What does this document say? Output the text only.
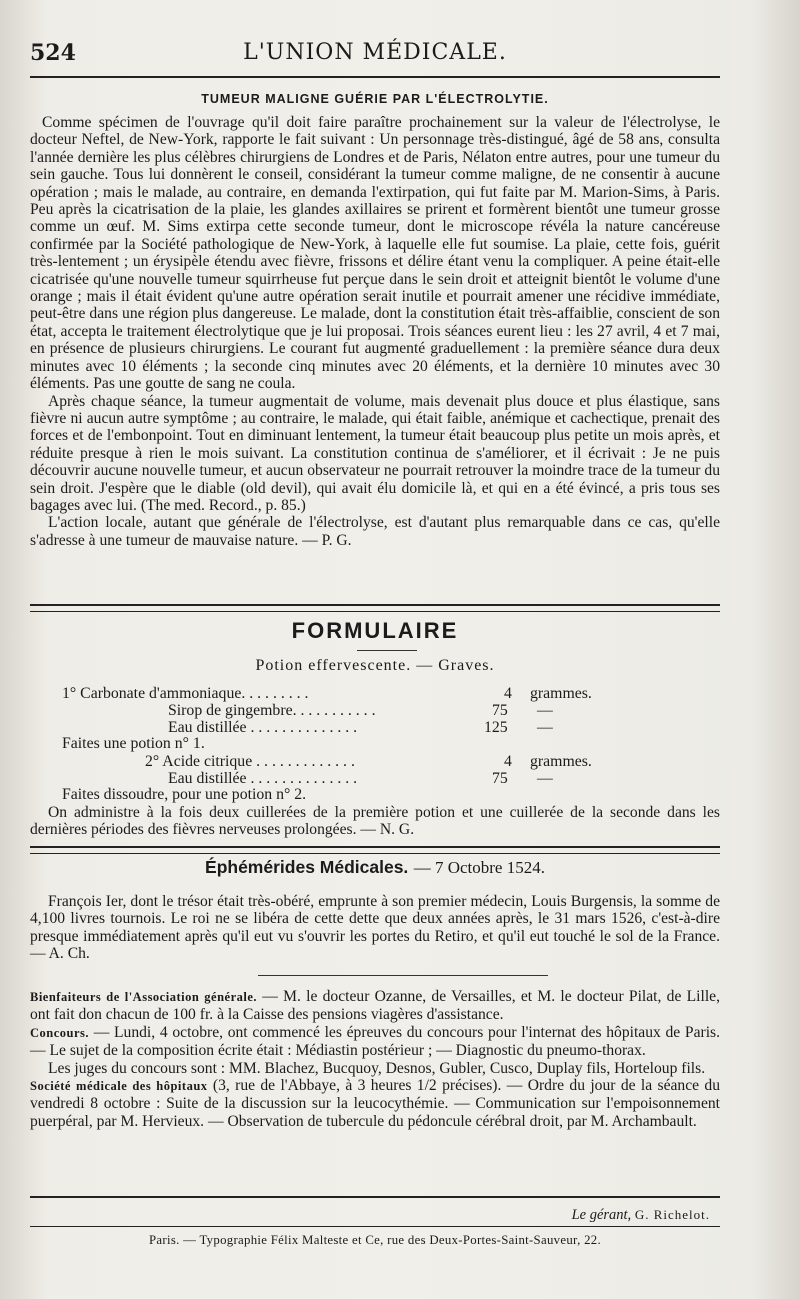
524	L'UNION MÉDICALE.
TUMEUR MALIGNE GUÉRIE PAR L'ÉLECTROLYTIE.

Comme spécimen de l'ouvrage qu'il doit faire paraître prochainement sur la valeur de l'électrolyse, le docteur Neftel, de New-York, rapporte le fait suivant : Un personnage très-distingué, âgé de 58 ans, consulta l'année dernière les plus célèbres chirurgiens de Londres et de Paris, Nélaton entre autres, pour une tumeur du sein gauche. Tous lui donnèrent le conseil, considérant la tumeur comme maligne, de ne consentir à aucune opération ; mais le malade, au contraire, en demanda l'extirpation, qui fut faite par M. Marion-Sims, à Paris. Peu après la cicatrisation de la plaie, les glandes axillaires se prirent et formèrent bientôt une tumeur grosse comme un œuf. M. Sims extirpa cette seconde tumeur, dont le microscope révéla la nature cancéreuse confirmée par la Société pathologique de New-York, à laquelle elle fut soumise. La plaie, cette fois, guérit très-lentement ; un érysipèle étendu avec fièvre, frissons et délire étant venu la compliquer. A peine était-elle cicatrisée qu'une nouvelle tumeur squirrheuse fut perçue dans le sein droit et atteignit bientôt le volume d'une orange ; mais il était évident qu'une autre opération serait inutile et pourrait amener une récidive immédiate, peut-être dans une région plus dangereuse. Le malade, dont la constitution était très-affaiblie, conscient de son état, accepta le traitement électrolytique que je lui proposai. Trois séances eurent lieu : les 27 avril, 4 et 7 mai, en présence de plusieurs chirurgiens. Le courant fut augmenté graduellement : la première séance dura deux minutes avec 10 éléments ; la seconde cinq minutes avec 20 éléments, et la dernière 10 minutes avec 30 éléments. Pas une goutte de sang ne coula.

Après chaque séance, la tumeur augmentait de volume, mais devenait plus douce et plus élastique, sans fièvre ni aucun autre symptôme ; au contraire, le malade, qui était faible, anémique et cachectique, prenait des forces et de l'embonpoint. Tout en diminuant lentement, la tumeur était beaucoup plus petite un mois après, et réduite presque à rien le mois suivant. La constitution continua de s'améliorer, et il écrivait : Je ne puis découvrir aucune nouvelle tumeur, et aucun observateur ne pourrait retrouver la moindre trace de la tumeur du sein droit. J'espère que le diable (old devil), qui avait élu domicile là, et qui en a été évincé, a pris tous ses bagages avec lui. (The med. Record., p. 85.)

L'action locale, autant que générale de l'électrolyse, est d'autant plus remarquable dans ce cas, qu'elle s'adresse à une tumeur de mauvaise nature. — P. G.

FORMULAIRE
Potion effervescente. — Graves.
1° Carbonate d'ammoniaque. . . . . . . . .	4 grammes.
Sirop de gingembre. . . . . . . . . . .	75 —
Eau distillée . . . . . . . . . . . . . .	125 —
Faites une potion n° 1.
2° Acide citrique . . . . . . . . . . . . .	4 grammes.
Eau distillée . . . . . . . . . . . . . .	75 —
Faites dissoudre, pour une potion n° 2.

On administre à la fois deux cuillerées de la première potion et une cuillerée de la seconde dans les dernières périodes des fièvres nerveuses prolongées. — N. G.

Éphémérides Médicales. — 7 Octobre 1524.

François Ier, dont le trésor était très-obéré, emprunte à son premier médecin, Louis Burgensis, la somme de 4,100 livres tournois. Le roi ne se libéra de cette dette que deux années après, le 31 mars 1526, c'est-à-dire presque immédiatement après qu'il eut vu s'ouvrir les portes du Retiro, et qu'il eut touché le sol de la France. — A. Ch.

Bienfaiteurs de l'Association générale. — M. le docteur Ozanne, de Versailles, et M. le docteur Pilat, de Lille, ont fait don chacun de 100 fr. à la Caisse des pensions viagères d'assistance.

Concours. — Lundi, 4 octobre, ont commencé les épreuves du concours pour l'internat des hôpitaux de Paris. — Le sujet de la composition écrite était : Médiastin postérieur ; — Diagnostic du pneumo-thorax.

Les juges du concours sont : MM. Blachez, Bucquoy, Desnos, Gubler, Cusco, Duplay fils, Horteloup fils.

Société médicale des hôpitaux (3, rue de l'Abbaye, à 3 heures 1/2 précises). — Ordre du jour de la séance du vendredi 8 octobre : Suite de la discussion sur la leucocythémie. — Communication sur l'empoisonnement puerpéral, par M. Hervieux. — Observation de tubercule du pédoncule cérébral droit, par M. Archambault.

Le gérant, G. Richelot.
Paris. — Typographie Félix Malteste et Ce, rue des Deux-Portes-Saint-Sauveur, 22.
